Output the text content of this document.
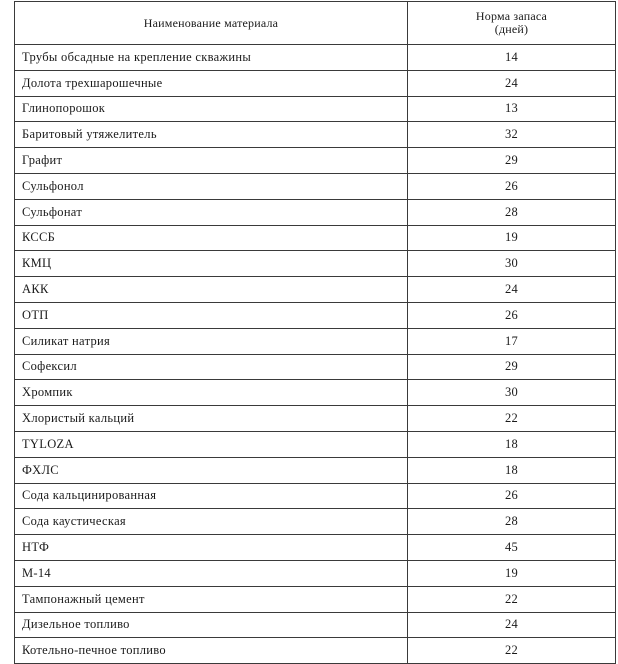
Наименование материала	Норма запаса
(дней)

Трубы обсадные на крепление скважины	14
Долота трехшарошечные	24
Глинопорошок	13
Баритовый утяжелитель	32
Графит	29
Сульфонол	26
Сульфонат	28
КССБ	19
КМЦ	30
АКК	24
ОТП	26
Силикат натрия	17
Софексил	29
Хромпик	30
Хлористый кальций	22
TYLOZA	18
ФХЛС	18
Сода кальцинированная	26
Сода каустическая	28
НТФ	45
М-14	19
Тампонажный цемент	22
Дизельное топливо	24
Котельно-печное топливо	22
